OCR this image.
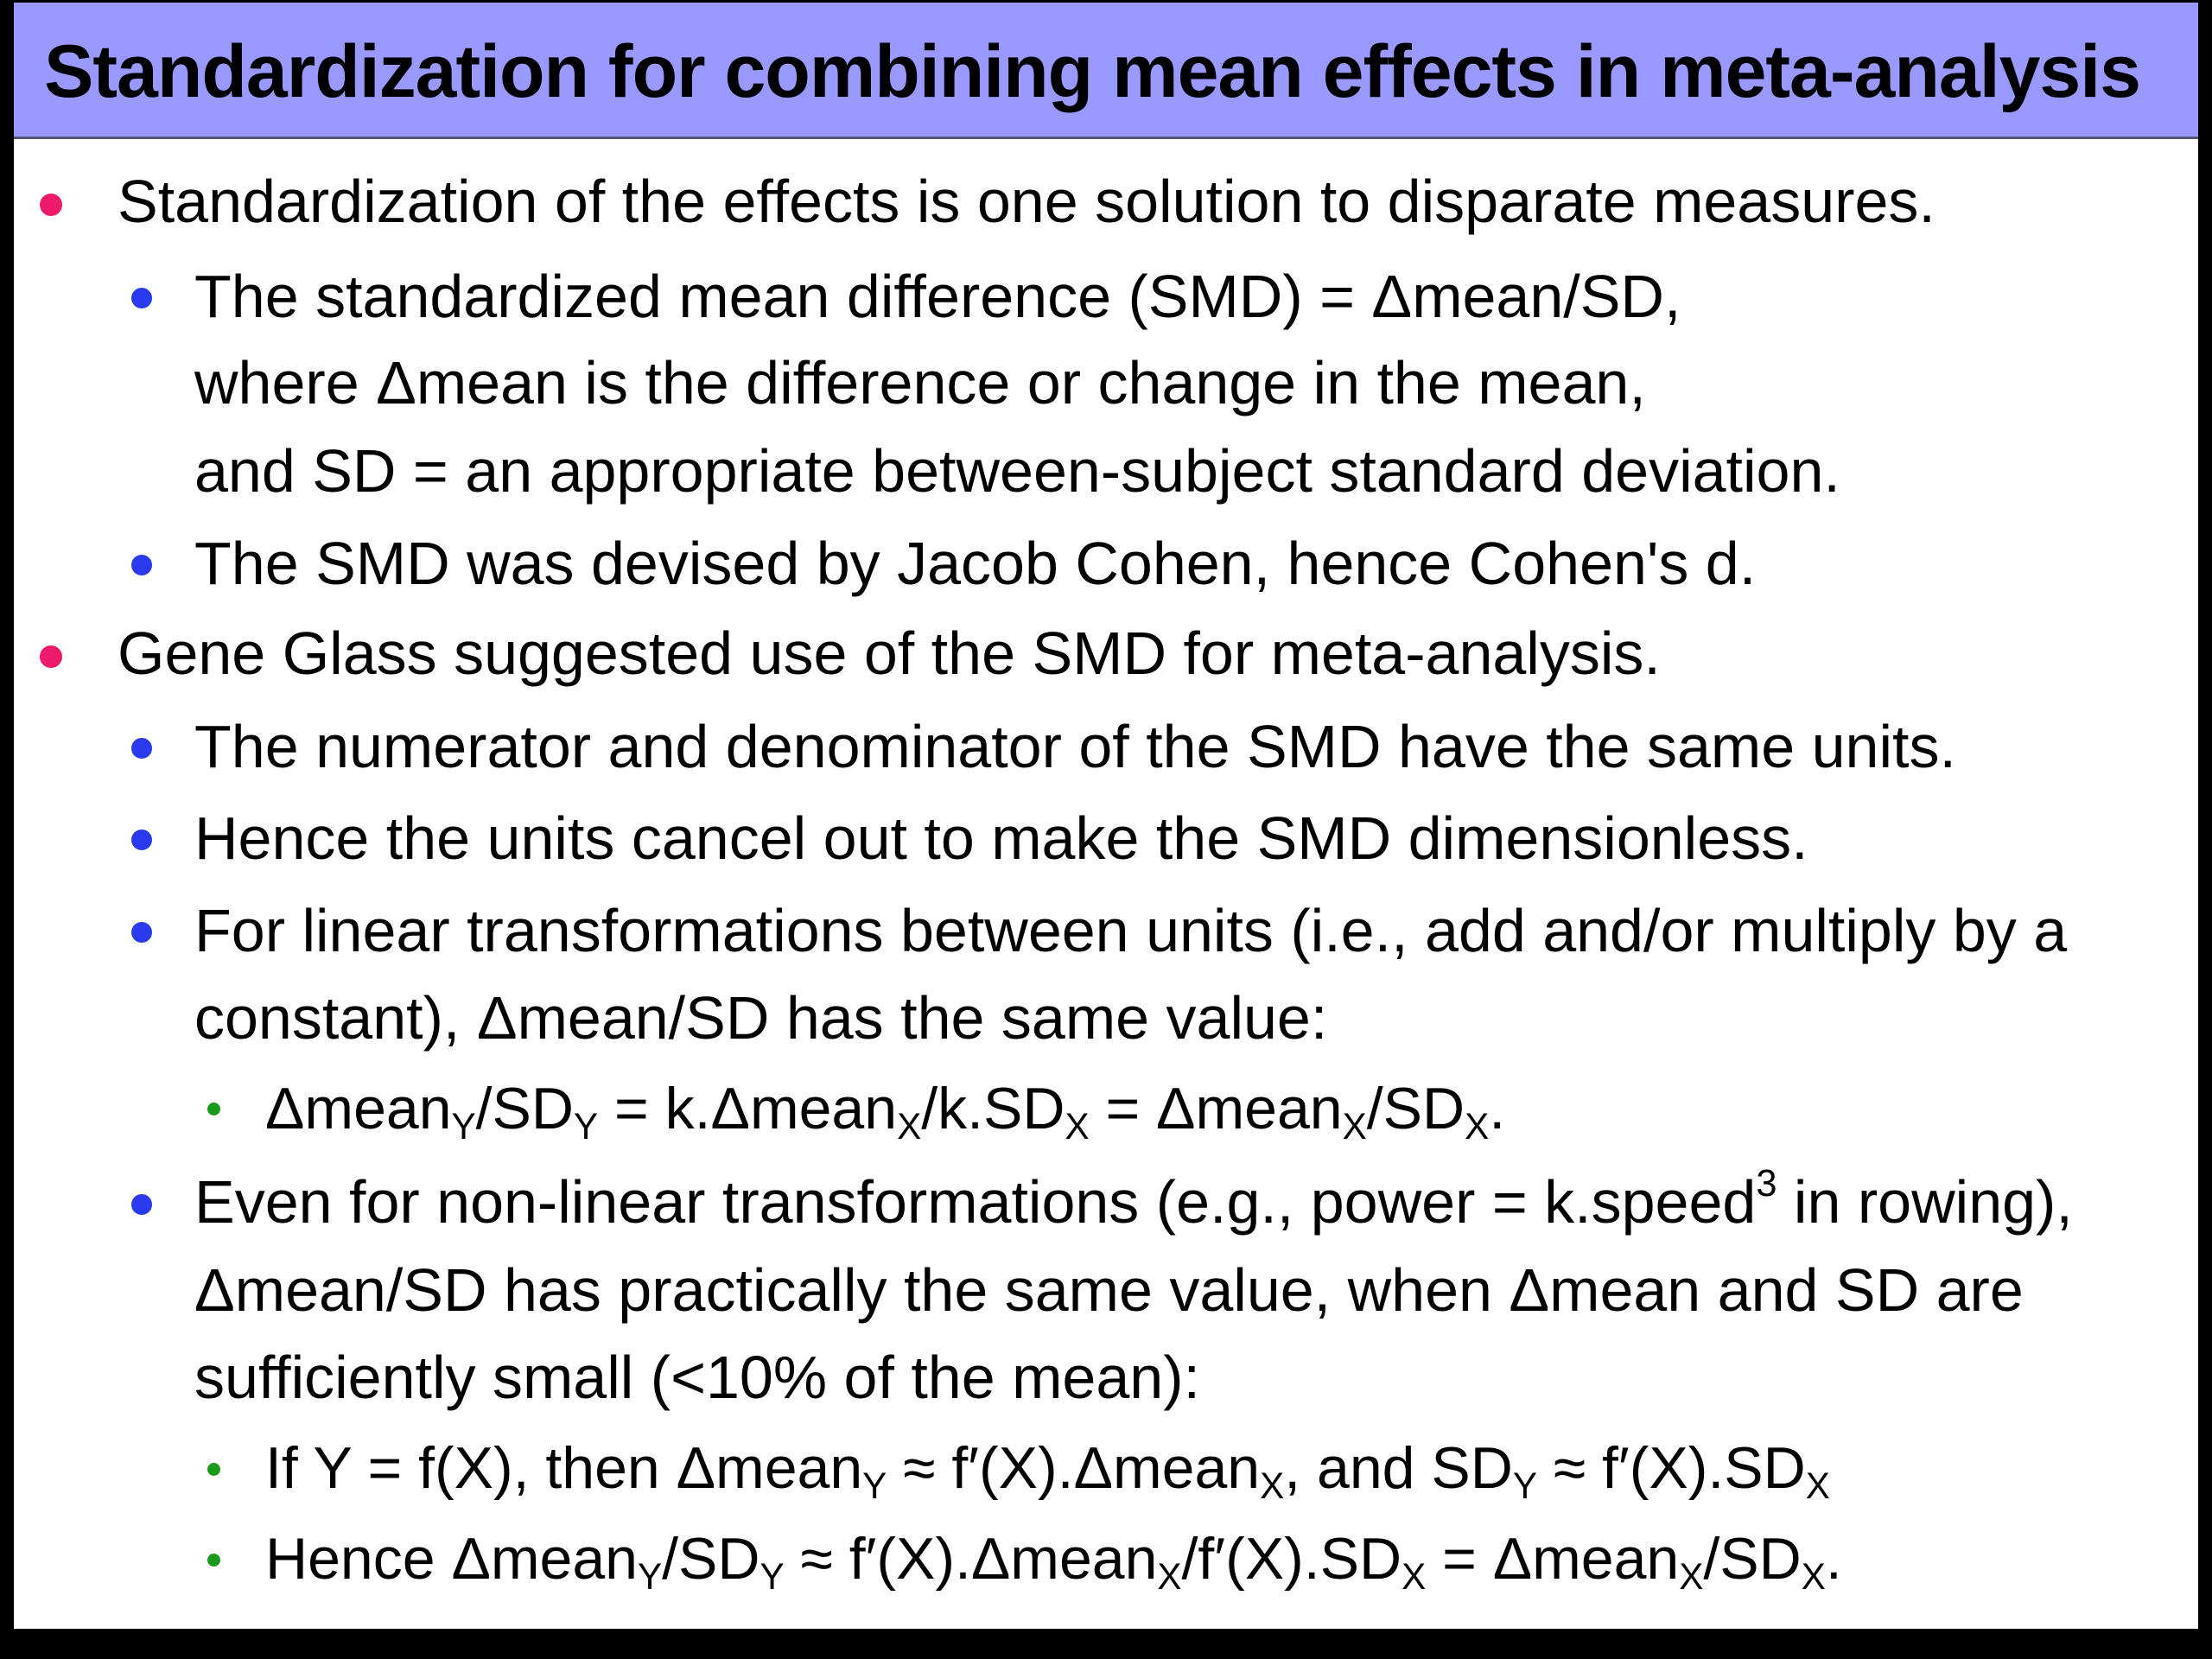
Standardization for combining mean effects in meta-analysis
Standardization of the effects is one solution to disparate measures.
The standardized mean difference (SMD) = Δmean/SD,
where Δmean is the difference or change in the mean,
and SD = an appropriate between-subject standard deviation.
The SMD was devised by Jacob Cohen, hence Cohen's d.
Gene Glass suggested use of the SMD for meta-analysis.
The numerator and denominator of the SMD have the same units.
Hence the units cancel out to make the SMD dimensionless.
For linear transformations between units (i.e., add and/or multiply by a
constant), Δmean/SD has the same value:
$\Delta mean_Y/SD_Y$ = $k.\Delta mean_X/k.SD_X$ = $\Delta mean_X/SD_X$.
Even for non-linear transformations (e.g., power = k.speed$^3$ in rowing),
Δmean/SD has practically the same value, when Δmean and SD are
sufficiently small (<10% of the mean):
If Y = f(X), then Δmean$_Y$ ≈ f′(X).Δmean$_X$, and $SD_Y \approx f'(X).SD_X$
Hence $\Delta mean_Y/SD_Y$ ≈ $f'(X).\Delta mean_X/f'(X).SD_X$ = $\Delta mean_X/SD_X$.
